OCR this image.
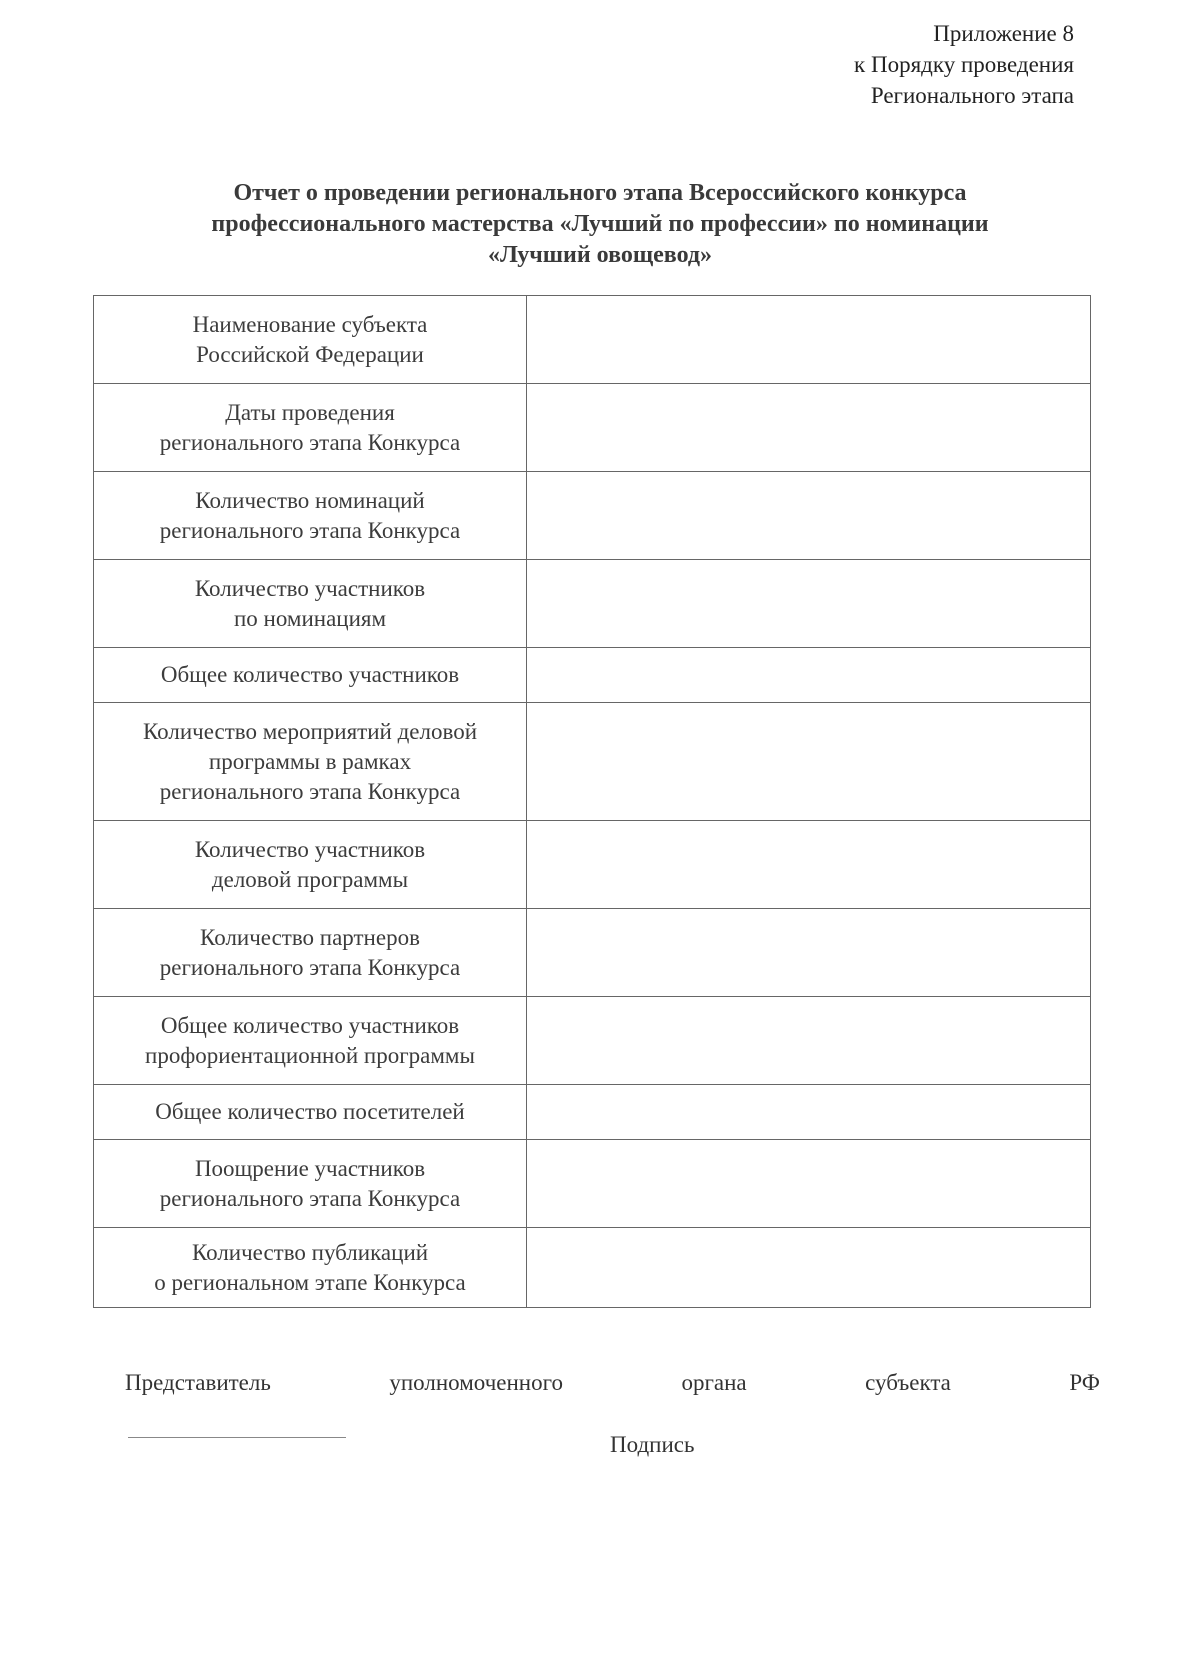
Приложение 8
к Порядку проведения
Регионального этапа
Отчет о проведении регионального этапа Всероссийского конкурса
профессионального мастерства «Лучший по профессии» по номинации
«Лучший овощевод»
Наименование субъекта
Российской Федерации	

Даты проведения
регионального этапа Конкурса	

Количество номинаций
регионального этапа Конкурса	

Количество участников
по номинациям	

Общее количество участников	

Количество мероприятий деловой
программы в рамках
регионального этапа Конкурса	

Количество участников
деловой программы	

Количество партнеров
регионального этапа Конкурса	

Общее количество участников
профориентационной программы	

Общее количество посетителей	

Поощрение участников
регионального этапа Конкурса	

Количество публикаций
о региональном этапе Конкурса	

Представитель	уполномоченного	органа	субъекта	РФ
Подпись
